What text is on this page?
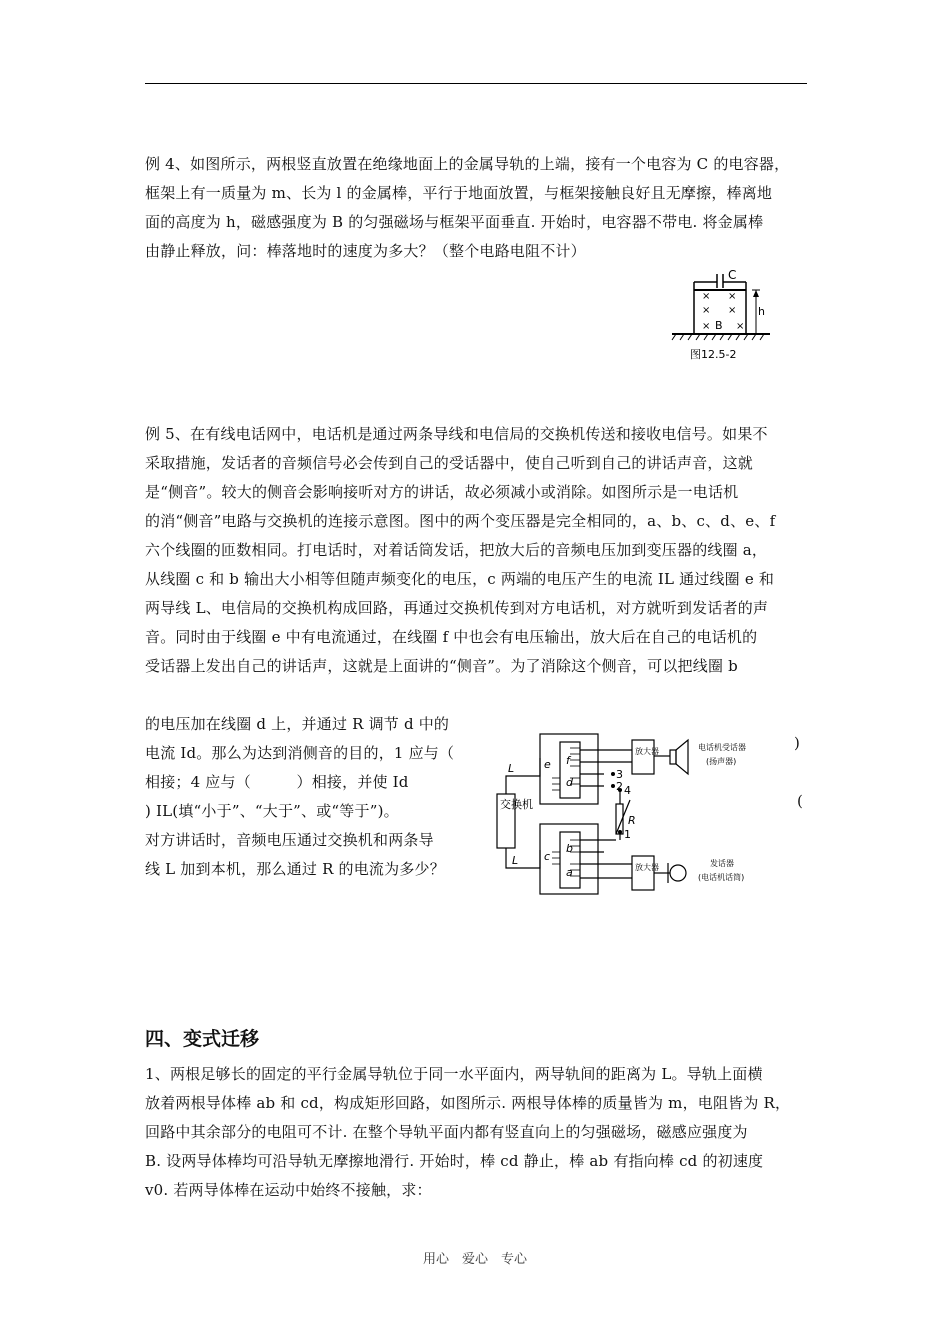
例 4、如图所示，两根竖直放置在绝缘地面上的金属导轨的上端，接有一个电容为 C 的电容器，

框架上有一质量为 m、长为 l 的金属棒，平行于地面放置，与框架接触良好且无摩擦，棒离地

面的高度为 h，磁感强度为 B 的匀强磁场与框架平面垂直. 开始时，电容器不带电. 将金属棒

由静止释放，问：棒落地时的速度为多大？（整个电路电阻不计）

C
× ×
× ×
×	×
B
h
图12.5-2

例 5、在有线电话网中，电话机是通过两条导线和电信局的交换机传送和接收电信号。如果不

采取措施，发话者的音频信号必会传到自己的受话器中，使自己听到自己的讲话声音，这就

是“侧音”。较大的侧音会影响接听对方的讲话，故必须减小或消除。如图所示是一电话机

的消“侧音”电路与交换机的连接示意图。图中的两个变压器是完全相同的，a、b、c、d、e、f

六个线圈的匝数相同。打电话时，对着话筒发话，把放大后的音频电压加到变压器的线圈 a，

从线圈 c 和 b 输出大小相等但随声频变化的电压，c 两端的电压产生的电流 IL 通过线圈 e 和

两导线 L、电信局的交换机构成回路，再通过交换机传到对方电话机，对方就听到发话者的声

音。同时由于线圈 e 中有电流通过，在线圈 f 中也会有电压输出，放大后在自己的电话机的

受话器上发出自己的讲话声，这就是上面讲的“侧音”。为了消除这个侧音，可以把线圈 b

的电压加在线圈 d 上，并通过 R 调节 d 中的

电流 Id。那么为达到消侧音的目的，1 应与（

相接；4 应与（　　　）相接，并使 Id

) IL(填“小于”、“大于”、或“等于”)。

对方讲话时，音频电压通过交换机和两条导

线 L 加到本机，那么通过 R 的电流为多少？

)
(
交换机
L
L
f
d
e
b
a
c
R
3
2 4
1
放大器
放大器
电话机受话器
(扬声器)
发话器
(电话机话筒)
四、变式迁移

1、两根足够长的固定的平行金属导轨位于同一水平面内，两导轨间的距离为 L。导轨上面横

放着两根导体棒 ab 和 cd，构成矩形回路，如图所示. 两根导体棒的质量皆为 m，电阻皆为 R，

回路中其余部分的电阻可不计. 在整个导轨平面内都有竖直向上的匀强磁场，磁感应强度为

B. 设两导体棒均可沿导轨无摩擦地滑行. 开始时，棒 cd 静止，棒 ab 有指向棒 cd 的初速度

v0. 若两导体棒在运动中始终不接触，求：

用心　爱心　专心
